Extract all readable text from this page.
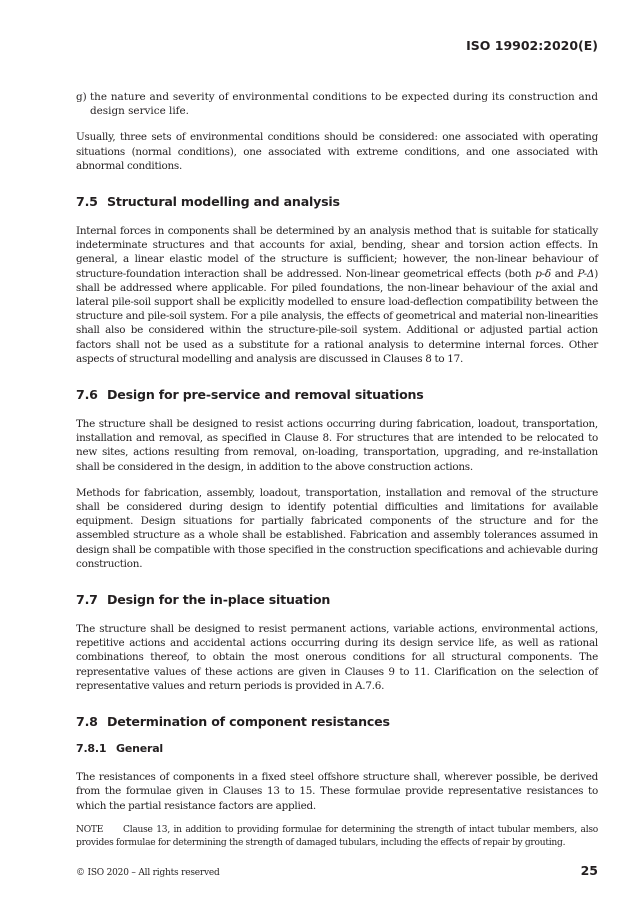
ISO 19902:2020(E)
g) the nature and severity of environmental conditions to be expected during its construction and design service life.

Usually, three sets of environmental conditions should be considered: one associated with operating situations (normal conditions), one associated with extreme conditions, and one associated with abnormal conditions.

7.5 Structural modelling and analysis

Internal forces in components shall be determined by an analysis method that is suitable for statically indeterminate structures and that accounts for axial, bending, shear and torsion action effects. In general, a linear elastic model of the structure is sufficient; however, the non-linear behaviour of structure-foundation interaction shall be addressed. Non-linear geometrical effects (both p-δ and P-Δ) shall be addressed where applicable. For piled foundations, the non-linear behaviour of the axial and lateral pile-soil support shall be explicitly modelled to ensure load-deflection compatibility between the structure and pile-soil system. For a pile analysis, the effects of geometrical and material non-linearities shall also be considered within the structure-pile-soil system. Additional or adjusted partial action factors shall not be used as a substitute for a rational analysis to determine internal forces. Other aspects of structural modelling and analysis are discussed in Clauses 8 to 17.

7.6 Design for pre-service and removal situations

The structure shall be designed to resist actions occurring during fabrication, loadout, transportation, installation and removal, as specified in Clause 8. For structures that are intended to be relocated to new sites, actions resulting from removal, on-loading, transportation, upgrading, and re-installation shall be considered in the design, in addition to the above construction actions.

Methods for fabrication, assembly, loadout, transportation, installation and removal of the structure shall be considered during design to identify potential difficulties and limitations for available equipment. Design situations for partially fabricated components of the structure and for the assembled structure as a whole shall be established. Fabrication and assembly tolerances assumed in design shall be compatible with those specified in the construction specifications and achievable during construction.

7.7 Design for the in-place situation

The structure shall be designed to resist permanent actions, variable actions, environmental actions, repetitive actions and accidental actions occurring during its design service life, as well as rational combinations thereof, to obtain the most onerous conditions for all structural components. The representative values of these actions are given in Clauses 9 to 11. Clarification on the selection of representative values and return periods is provided in A.7.6.

7.8 Determination of component resistances
7.8.1 General

The resistances of components in a fixed steel offshore structure shall, wherever possible, be derived from the formulae given in Clauses 13 to 15. These formulae provide representative resistances to which the partial resistance factors are applied.

NOTE Clause 13, in addition to providing formulae for determining the strength of intact tubular members, also provides formulae for determining the strength of damaged tubulars, including the effects of repair by grouting.

© ISO 2020 – All rights reserved	25
